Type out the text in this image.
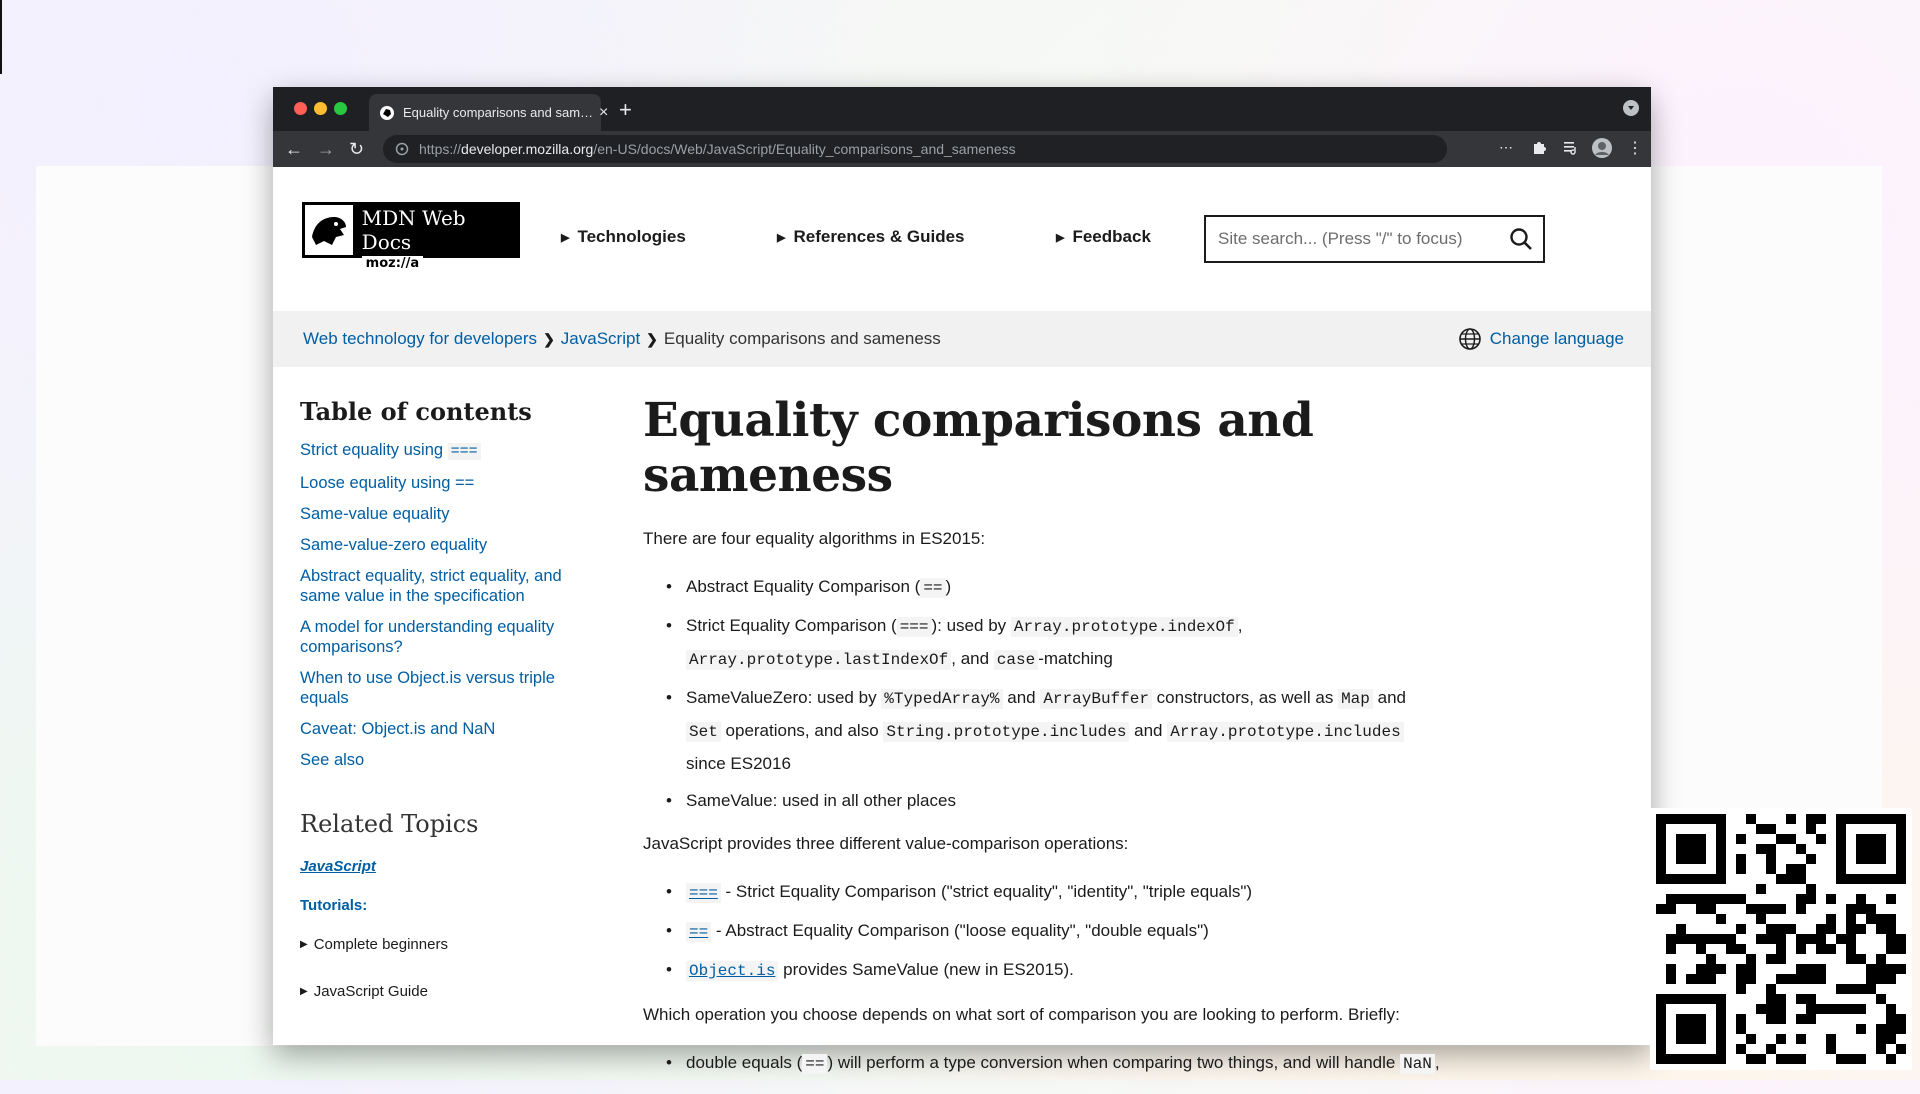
Equality comparisons and sam… × +
← → ↻	https:// developer.mozilla.org /en-US/docs/Web/JavaScript/Equality_comparisons_and_sameness	⋯	⋮
MDN Web Docs
moz://a
▶ Technologies	▶ References & Guides	▶ Feedback
Site search... (Press "/" to focus)
Web technology for developers ❯ JavaScript ❯ Equality comparisons and sameness	Change language
Table of contents
Strict equality using ===
Loose equality using ==
Same-value equality
Same-value-zero equality
Abstract equality, strict equality, and same value in the specification
A model for understanding equality comparisons?
When to use Object.is versus triple equals
Caveat: Object.is and NaN
See also
Related Topics
JavaScript
Tutorials:
▶ Complete beginners
▶ JavaScript Guide
Equality comparisons and sameness

There are four equality algorithms in ES2015:

• Abstract Equality Comparison ( == )
• Strict Equality Comparison ( === ): used by Array.prototype.indexOf ,
Array.prototype.lastIndexOf , and case -matching
• SameValueZero: used by %TypedArray% and ArrayBuffer constructors, as well as Map and
Set operations, and also String.prototype.includes and Array.prototype.includes
since ES2016
• SameValue: used in all other places

JavaScript provides three different value-comparison operations:

• === - Strict Equality Comparison ("strict equality", "identity", "triple equals")
• == - Abstract Equality Comparison ("loose equality", "double equals")
• Object.is provides SameValue (new in ES2015).

Which operation you choose depends on what sort of comparison you are looking to perform. Briefly:

• double equals ( == ) will perform a type conversion when comparing two things, and will handle NaN ,
